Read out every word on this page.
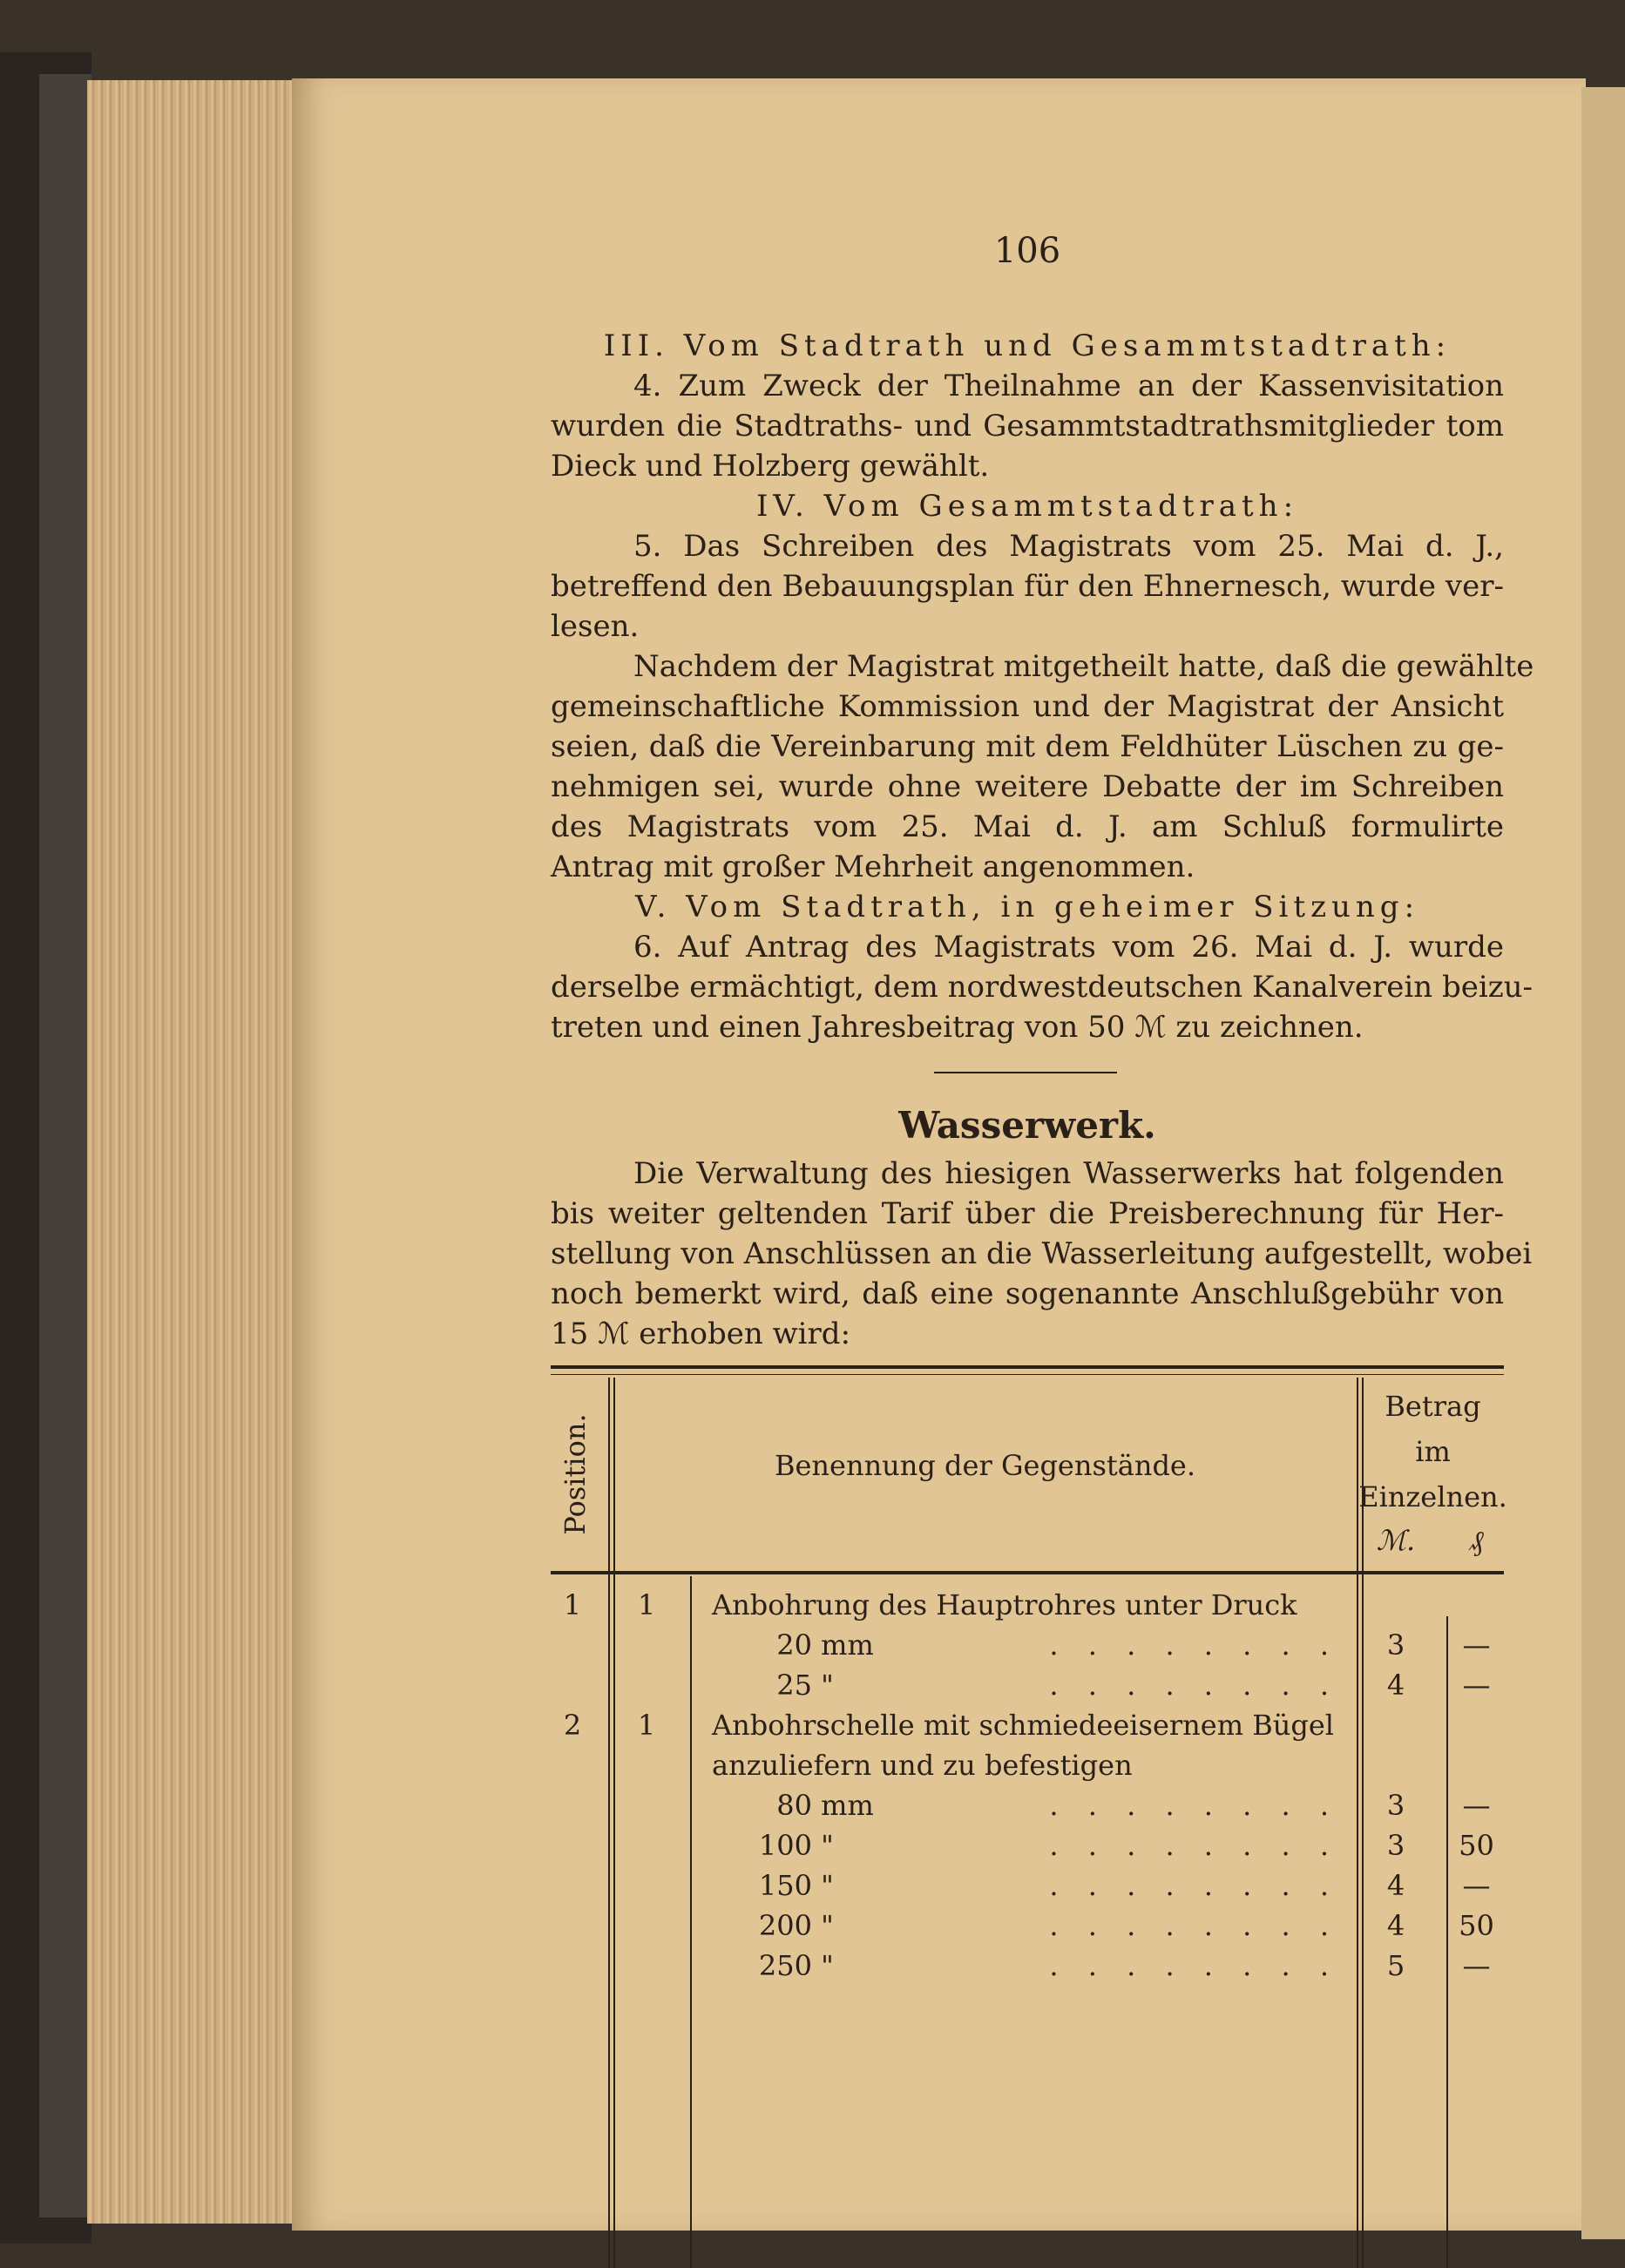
106
III. Vom Stadtrath und Gesammtstadtrath:
4. Zum Zweck der Theilnahme an der Kassenvisitation
wurden die Stadtraths- und Gesammtstadtrathsmitglieder tom
Dieck und Holzberg gewählt.
IV. Vom Gesammtstadtrath:
5. Das Schreiben des Magistrats vom 25. Mai d. J.,
betreffend den Bebauungsplan für den Ehnernesch, wurde ver-
lesen.
Nachdem der Magistrat mitgetheilt hatte, daß die gewählte
gemeinschaftliche Kommission und der Magistrat der Ansicht
seien, daß die Vereinbarung mit dem Feldhüter Lüschen zu ge-
nehmigen sei, wurde ohne weitere Debatte der im Schreiben
des Magistrats vom 25. Mai d. J. am Schluß formulirte
Antrag mit großer Mehrheit angenommen.
V. Vom Stadtrath, in geheimer Sitzung:
6. Auf Antrag des Magistrats vom 26. Mai d. J. wurde
derselbe ermächtigt, dem nordwestdeutschen Kanalverein beizu-
treten und einen Jahresbeitrag von 50 ℳ zu zeichnen.
Wasserwerk.
Die Verwaltung des hiesigen Wasserwerks hat folgenden
bis weiter geltenden Tarif über die Preisberechnung für Her-
stellung von Anschlüssen an die Wasserleitung aufgestellt, wobei
noch bemerkt wird, daß eine sogenannte Anschlußgebühr von
15 ℳ erhoben wird:
Position.	Benennung der Gegenstände.
Betrag
im
Einzelnen.
ℳ.	₰
1	1	Anbohrung des Hauptrohres unter Druck
20 mm	. . . . . . . .	3	—
25 "	. . . . . . . .	4	—
2	1	Anbohrschelle mit schmiedeeisernem Bügel
anzuliefern und zu befestigen
80 mm	. . . . . . . .	3	—
100 "	. . . . . . . .	3	50
150 "	. . . . . . . .	4	—
200 "	. . . . . . . .	4	50
250 "	. . . . . . . .	5	—
